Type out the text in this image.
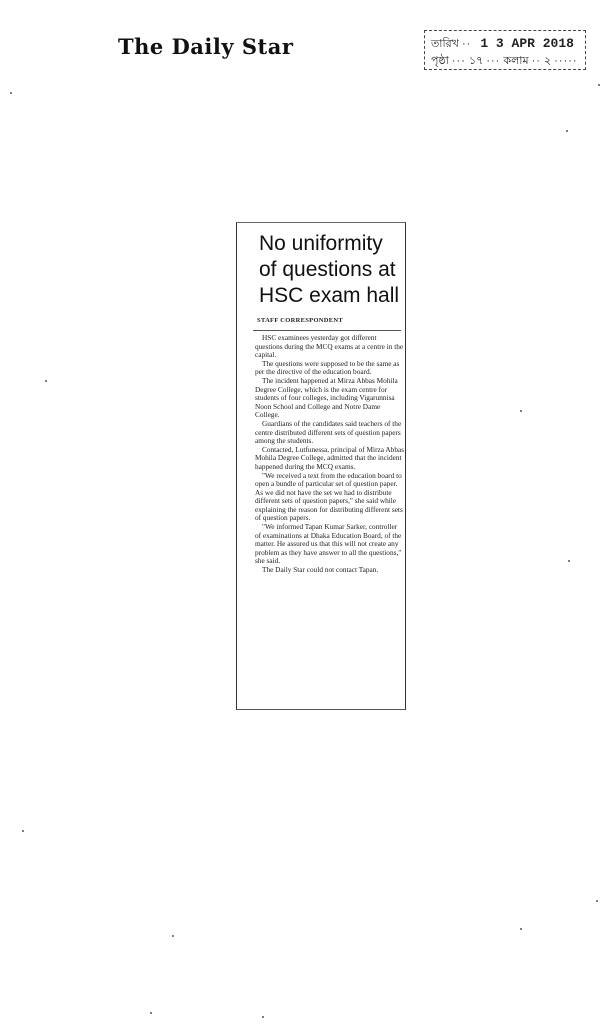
The Daily Star	তারিখ ·· 1 3 APR 2018
পৃষ্ঠা ··· ১৭ ··· কলাম ·· ২ ·····
No uniformity of questions at HSC exam hall
STAFF CORRESPONDENT

HSC examinees yesterday got different questions during the MCQ exams at a centre in the capital.

The questions were supposed to be the same as per the directive of the education board.

The incident happened at Mirza Abbas Mohila Degree College, which is the exam centre for students of four colleges, including Vigarunnisa Noon School and College and Notre Dame College.

Guardians of the candidates said teachers of the centre distributed different sets of question papers among the students.

Contacted, Lutfunessa, principal of Mirza Abbas Mohila Degree College, admitted that the incident happened during the MCQ exams.

"We received a text from the education board to open a bundle of particular set of question paper. As we did not have the set we had to distribute different sets of question papers," she said while explaining the reason for distributing different sets of question papers.

"We informed Tapan Kumar Sarker, controller of examinations at Dhaka Education Board, of the matter. He assured us that this will not create any problem as they have answer to all the questions," she said.

The Daily Star could not contact Tapan.
